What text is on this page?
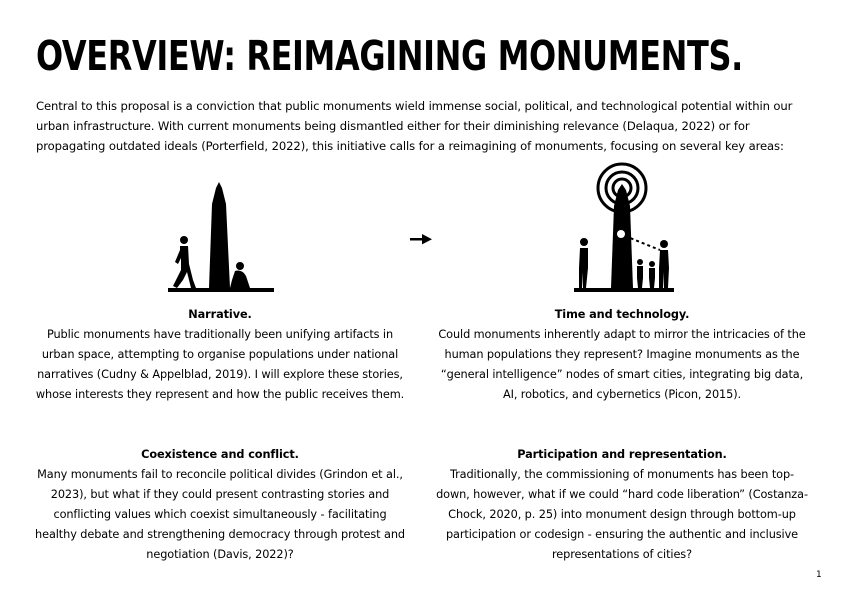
OVERVIEW: REIMAGINING MONUMENTS.
Central to this proposal is a conviction that public monuments wield immense social, political, and technological potential within our urban infrastructure. With current monuments being dismantled either for their diminishing relevance (Delaqua, 2022) or for propagating outdated ideals (Porterfield, 2022), this initiative calls for a reimagining of monuments, focusing on several key areas:
Narrative.
Public monuments have traditionally been unifying artifacts in urban space, attempting to organise populations under national narratives (Cudny & Appelblad, 2019). I will explore these stories, whose interests they represent and how the public receives them.
Time and technology.
Could monuments inherently adapt to mirror the intricacies of the human populations they represent? Imagine monuments as the “general intelligence” nodes of smart cities, integrating big data, AI, robotics, and cybernetics (Picon, 2015).
Coexistence and conflict.
Many monuments fail to reconcile political divides (Grindon et al., 2023), but what if they could present contrasting stories and conflicting values which coexist simultaneously - facilitating healthy debate and strengthening democracy through protest and negotiation (Davis, 2022)?
Participation and representation.
Traditionally, the commissioning of monuments has been top-down, however, what if we could “hard code liberation” (Costanza-Chock, 2020, p. 25) into monument design through bottom-up participation or codesign - ensuring the authentic and inclusive representations of cities?
1
